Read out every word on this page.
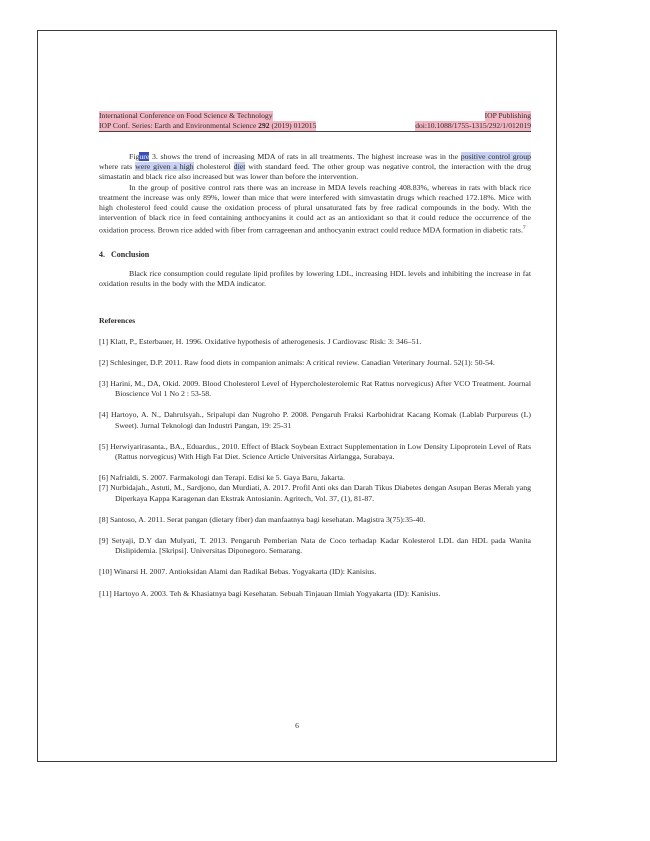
International Conference on Food Science & Technology	IOP Publishing
IOP Conf. Series: Earth and Environmental Science 292 (2019) 012015	doi:10.1088/1755-1315/292/1/012019

Figure 3. shows the trend of increasing MDA of rats in all treatments. The highest increase was in the positive control group where rats were given a high cholesterol diet with standard feed. The other group was negative control, the interaction with the drug simastatin and black rice also increased but was lower than before the intervention.

In the group of positive control rats there was an increase in MDA levels reaching 408.83%, whereas in rats with black rice treatment the increase was only 89%, lower than mice that were interfered with simvastatin drugs which reached 172.18%. Mice with high cholesterol feed could cause the oxidation process of plural unsaturated fats by free radical compounds in the body. With the intervention of black rice in feed containing anthocyanins it could act as an antioxidant so that it could reduce the occurrence of the oxidation process. Brown rice added with fiber from carrageenan and anthocyanin extract could reduce MDA formation in diabetic rats.$^7$

4. Conclusion

Black rice consumption could regulate lipid profiles by lowering LDL, increasing HDL levels and inhibiting the increase in fat oxidation results in the body with the MDA indicator.

References
[1] Klatt, P., Esterbauer, H. 1996. Oxidative hypothesis of atherogenesis. J Cardiovasc Risk: 3: 346–51.
[2] Schlesinger, D.P. 2011. Raw food diets in companion animals: A critical review. Canadian Veterinary Journal. 52(1): 50-54.
[3] Harini, M., DA, Okid. 2009. Blood Cholesterol Level of Hypercholesterolemic Rat Rattus norvegicus) After VCO Treatment. Journal Bioscience Vol 1 No 2 : 53-58.
[4] Hartoyo, A. N., Dahrulsyah., Sripalupi dan Nugroho P. 2008. Pengaruh Fraksi Karbohidrat Kacang Komak (Lablab Purpureus (L) Sweet). Jurnal Teknologi dan Industri Pangan, 19: 25-31
[5] Herwiyarirasanta., BA., Eduardus., 2010. Effect of Black Soybean Extract Supplementation in Low Density Lipoprotein Level of Rats (Rattus norvegicus) With High Fat Diet. Science Article Universitas Airlangga, Surabaya.
[6] Nafrialdi, S. 2007. Farmakologi dan Terapi. Edisi ke 5. Gaya Baru, Jakarta.
[7] Nurbidajah., Astuti, M., Sardjono, dan Murdiati, A. 2017. Profil Anti oks dan Darah Tikus Diabetes dengan Asupan Beras Merah yang Diperkaya Kappa Karagenan dan Ekstrak Antosianin. Agritech, Vol. 37, (1), 81-87.
[8] Santoso, A. 2011. Serat pangan (dietary fiber) dan manfaatnya bagi kesehatan. Magistra 3(75):35-40.
[9] Setyaji, D.Y dan Mulyati, T. 2013. Pengaruh Pemberian Nata de Coco terhadap Kadar Kolesterol LDL dan HDL pada Wanita Dislipidemia. [Skripsi]. Universitas Diponegoro. Semarang.
[10] Winarsi H. 2007. Antioksidan Alami dan Radikal Bebas. Yogyakarta (ID): Kanisius.
[11] Hartoyo A. 2003. Teh & Khasiatnya bagi Kesehatan. Sebuah Tinjauan Ilmiah Yogyakarta (ID): Kanisius.
6
